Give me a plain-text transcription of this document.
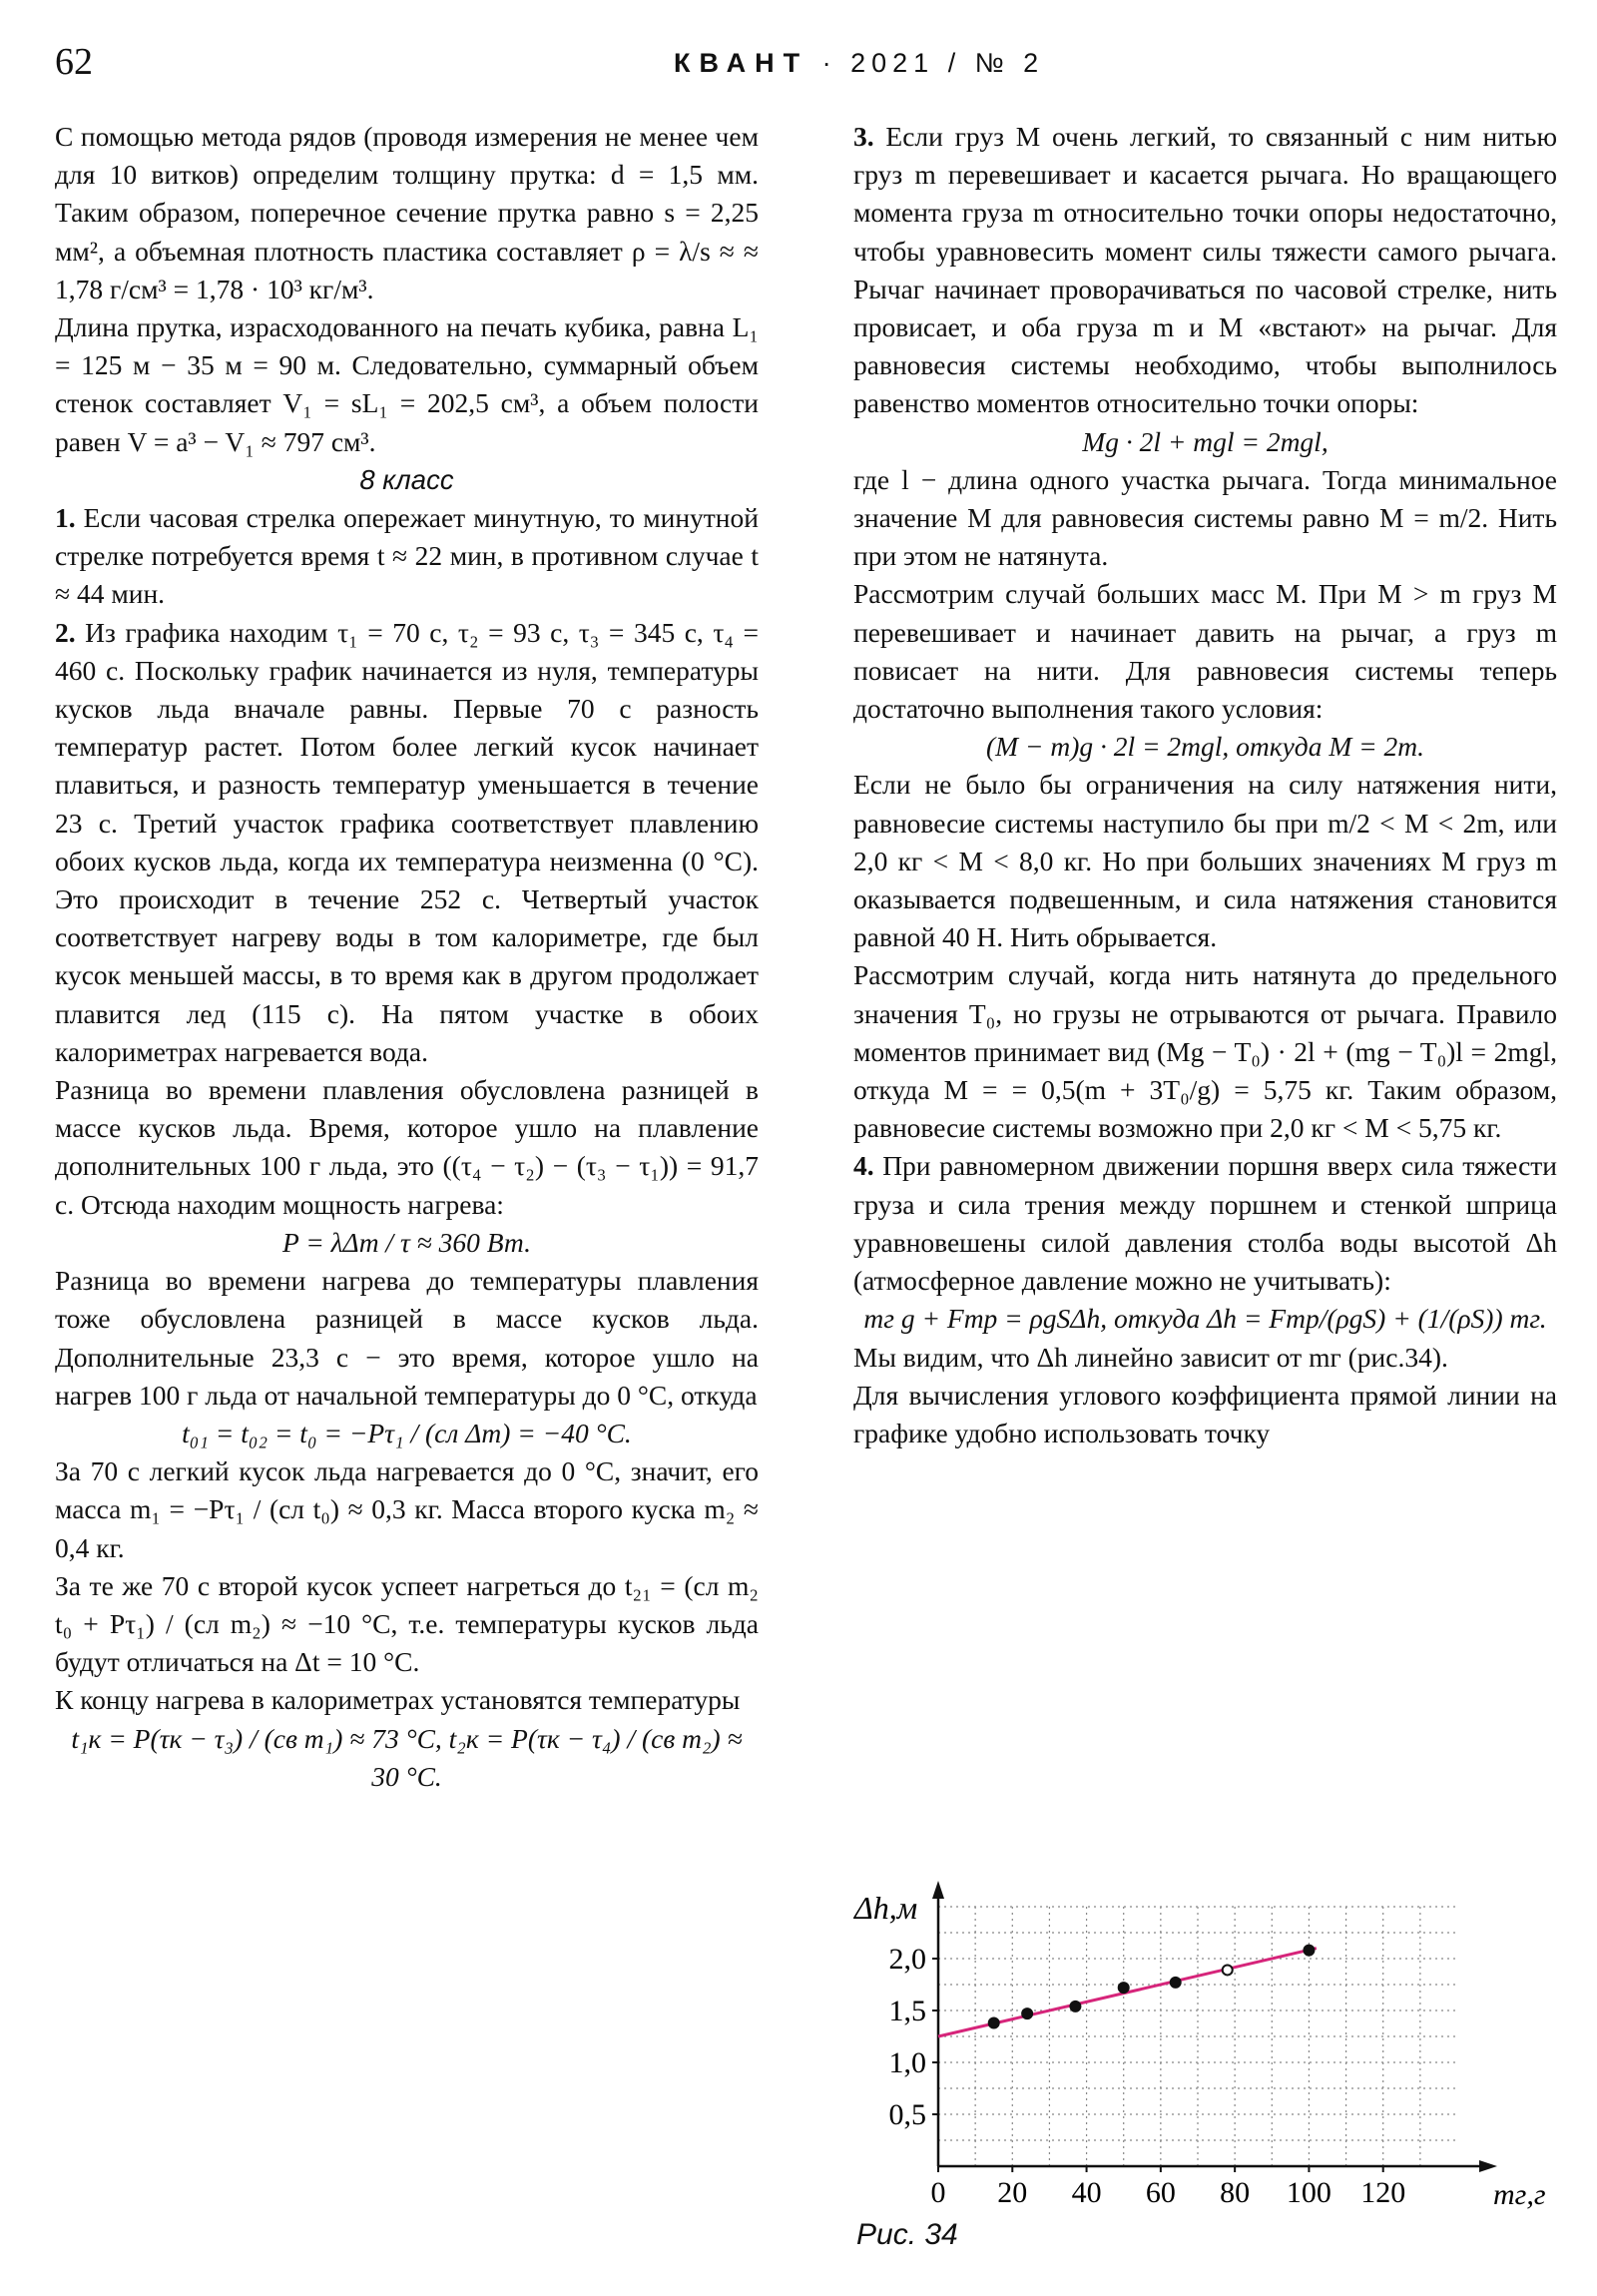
62	КВАНТ · 2021 / № 2

С помощью метода рядов (проводя измерения не менее чем для 10 витков) определим толщину прутка: d = 1,5 мм. Таким образом, поперечное сечение прутка равно s = 2,25 мм², а объемная плотность пластика составляет ρ = λ/s ≈ ≈ 1,78 г/см³ = 1,78 · 10³ кг/м³.

Длина прутка, израсходованного на печать кубика, равна L₁ = 125 м − 35 м = 90 м. Следовательно, суммарный объем стенок составляет V₁ = sL₁ = 202,5 см³, а объем полости равен V = a³ − V₁ ≈ 797 см³.

8 класс

1. Если часовая стрелка опережает минутную, то минутной стрелке потребуется время t ≈ 22 мин, в противном случае t ≈ 44 мин.

2. Из графика находим τ₁ = 70 с, τ₂ = 93 с, τ₃ = 345 с, τ₄ = 460 с. Поскольку график начинается из нуля, температуры кусков льда вначале равны. Первые 70 с разность температур растет. Потом более легкий кусок начинает плавиться, и разность температур уменьшается в течение 23 с. Третий участок графика соответствует плавлению обоих кусков льда, когда их температура неизменна (0 °С). Это происходит в течение 252 с. Четвертый участок соответствует нагреву воды в том калориметре, где был кусок меньшей массы, в то время как в другом продолжает плавится лед (115 с). На пятом участке в обоих калориметрах нагревается вода.

Разница во времени плавления обусловлена разницей в массе кусков льда. Время, которое ушло на плавление дополнительных 100 г льда, это ((τ₄ − τ₂) − (τ₃ − τ₁)) = 91,7 с. Отсюда находим мощность нагрева:

P = λΔm / τ ≈ 360 Вт.

Разница во времени нагрева до температуры плавления тоже обусловлена разницей в массе кусков льда. Дополнительные 23,3 с − это время, которое ушло на нагрев 100 г льда от начальной температуры до 0 °С, откуда

t₀₁ = t₀₂ = t₀ = −Pτ₁ / (cл Δm) = −40 °С.

За 70 с легкий кусок льда нагревается до 0 °С, значит, его масса m₁ = −Pτ₁ / (cл t₀) ≈ 0,3 кг. Масса второго куска m₂ ≈ 0,4 кг.

За те же 70 с второй кусок успеет нагреться до t₂₁ = (cл m₂ t₀ + Pτ₁) / (cл m₂) ≈ −10 °С, т.е. температуры кусков льда будут отличаться на Δt = 10 °С.

К концу нагрева в калориметрах установятся температуры

t₁к = P(τк − τ₃) / (cв m₁) ≈ 73 °С, t₂к = P(τк − τ₄) / (cв m₂) ≈ 30 °С.

3. Если груз M очень легкий, то связанный с ним нитью груз m перевешивает и касается рычага. Но вращающего момента груза m относительно точки опоры недостаточно, чтобы уравновесить момент силы тяжести самого рычага. Рычаг начинает проворачиваться по часовой стрелке, нить провисает, и оба груза m и M «встают» на рычаг. Для равновесия системы необходимо, чтобы выполнилось равенство моментов относительно точки опоры:

Mg · 2l + mgl = 2mgl,

где l − длина одного участка рычага. Тогда минимальное значение M для равновесия системы равно M = m/2. Нить при этом не натянута.

Рассмотрим случай больших масс M. При M > m груз M перевешивает и начинает давить на рычаг, а груз m повисает на нити. Для равновесия системы теперь достаточно выполнения такого условия:

(M − m)g · 2l = 2mgl, откуда M = 2m.

Если не было бы ограничения на силу натяжения нити, равновесие системы наступило бы при m/2 < M < 2m, или 2,0 кг < M < 8,0 кг. Но при больших значениях M груз m оказывается подвешенным, и сила натяжения становится равной 40 Н. Нить обрывается.

Рассмотрим случай, когда нить натянута до предельного значения T₀, но грузы не отрываются от рычага. Правило моментов принимает вид (Mg − T₀) · 2l + (mg − T₀)l = 2mgl, откуда M = = 0,5(m + 3T₀/g) = 5,75 кг. Таким образом, равновесие системы возможно при 2,0 кг < M < 5,75 кг.

4. При равномерном движении поршня вверх сила тяжести груза и сила трения между поршнем и стенкой шприца уравновешены силой давления столба воды высотой Δh (атмосферное давление можно не учитывать):

mг g + Fтр = ρgSΔh, откуда Δh = Fтр/(ρgS) + (1/(ρS)) mг.

Мы видим, что Δh линейно зависит от mг (рис.34).

Для вычисления углового коэффициента прямой линии на графике удобно использовать точку

0 20 40 60 80 100 120
0,5
1,0
1,5
2,0
Δh,м
mг,г
Рис. 34
